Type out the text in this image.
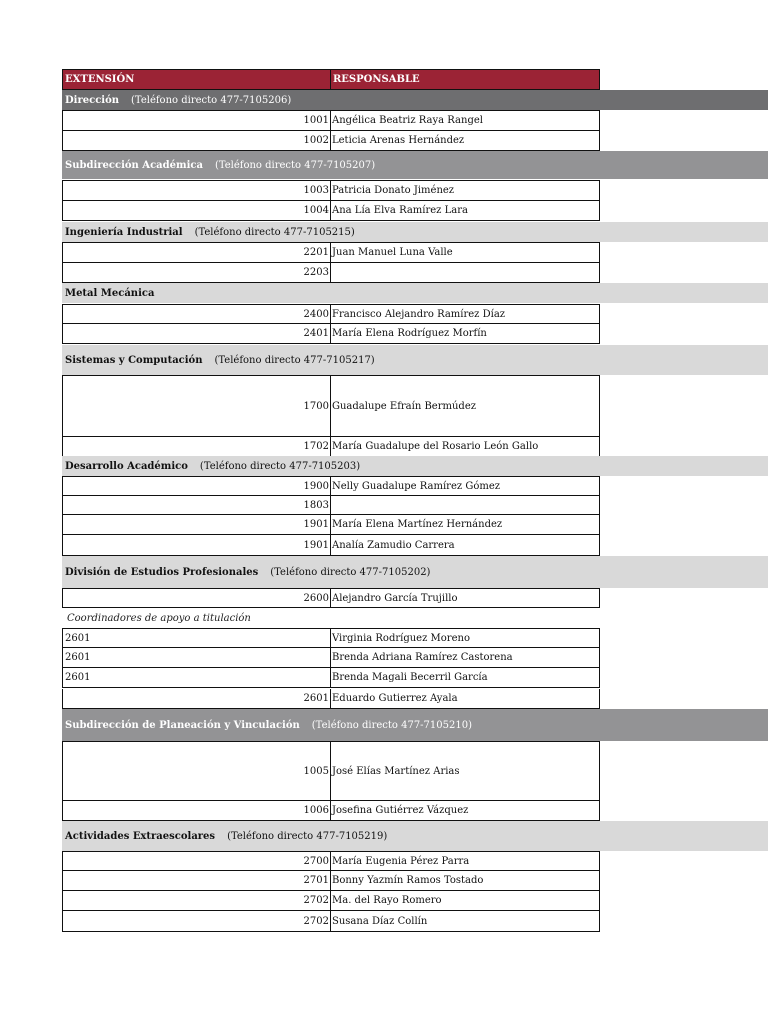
EXTENSIÓN	RESPONSABLE
Dirección (Teléfono directo 477-7105206)
1001 Angélica Beatriz Raya Rangel
1002 Leticia Arenas Hernández
Subdirección Académica (Teléfono directo 477-7105207)
1003 Patricia Donato Jiménez
1004 Ana Lía Elva Ramírez Lara
Ingeniería Industrial (Teléfono directo 477-7105215)
2201 Juan Manuel Luna Valle
2203
Metal Mecánica
2400 Francisco Alejandro Ramírez Díaz
2401 María Elena Rodríguez Morfín
Sistemas y Computación (Teléfono directo 477-7105217)
1700 Guadalupe Efraín Bermúdez
1702 María Guadalupe del Rosario León Gallo
Desarrollo Académico (Teléfono directo 477-7105203)
1900 Nelly Guadalupe Ramírez Gómez
1803
1901 María Elena Martínez Hernández
1901 Analía Zamudio Carrera
División de Estudios Profesionales (Teléfono directo 477-7105202)
2600 Alejandro García Trujillo
Coordinadores de apoyo a titulación
2601	Virginia Rodríguez Moreno
2601	Brenda Adriana Ramírez Castorena
2601	Brenda Magali Becerril García
2601 Eduardo Gutierrez Ayala
Subdirección de Planeación y Vinculación (Teléfono directo 477-7105210)
1005 José Elías Martínez Arias
1006 Josefina Gutiérrez Vázquez
Actividades Extraescolares (Teléfono directo 477-7105219)
2700 María Eugenia Pérez Parra
2701 Bonny Yazmín Ramos Tostado
2702 Ma. del Rayo Romero
2702 Susana Díaz Collín
